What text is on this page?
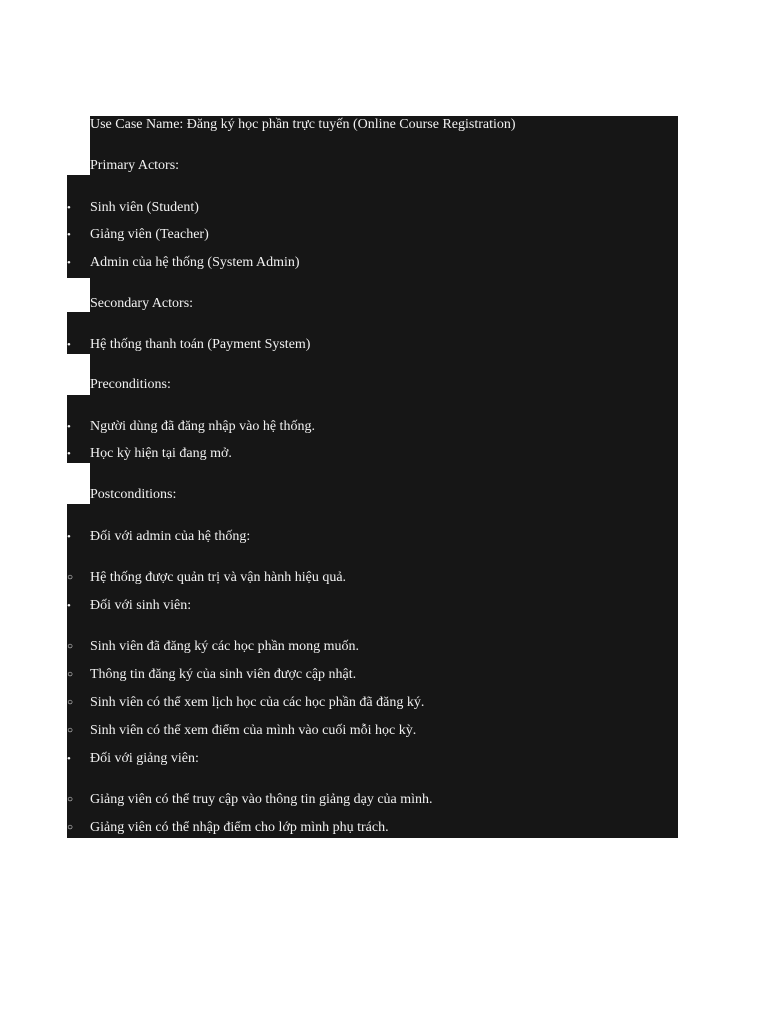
Use Case Name: Đăng ký học phần trực tuyến (Online Course Registration)
Primary Actors:
•	Sinh viên (Student)
•	Giảng viên (Teacher)
•	Admin của hệ thống (System Admin)
Secondary Actors:
•	Hệ thống thanh toán (Payment System)
Preconditions:
•	Người dùng đã đăng nhập vào hệ thống.
•	Học kỳ hiện tại đang mở.
Postconditions:
•	Đối với admin của hệ thống:
○	Hệ thống được quản trị và vận hành hiệu quả.
•	Đối với sinh viên:
○	Sinh viên đã đăng ký các học phần mong muốn.
○	Thông tin đăng ký của sinh viên được cập nhật.
○	Sinh viên có thể xem lịch học của các học phần đã đăng ký.
○	Sinh viên có thể xem điểm của mình vào cuối mỗi học kỳ.
•	Đối với giảng viên:
○	Giảng viên có thể truy cập vào thông tin giảng dạy của mình.
○	Giảng viên có thể nhập điểm cho lớp mình phụ trách.
